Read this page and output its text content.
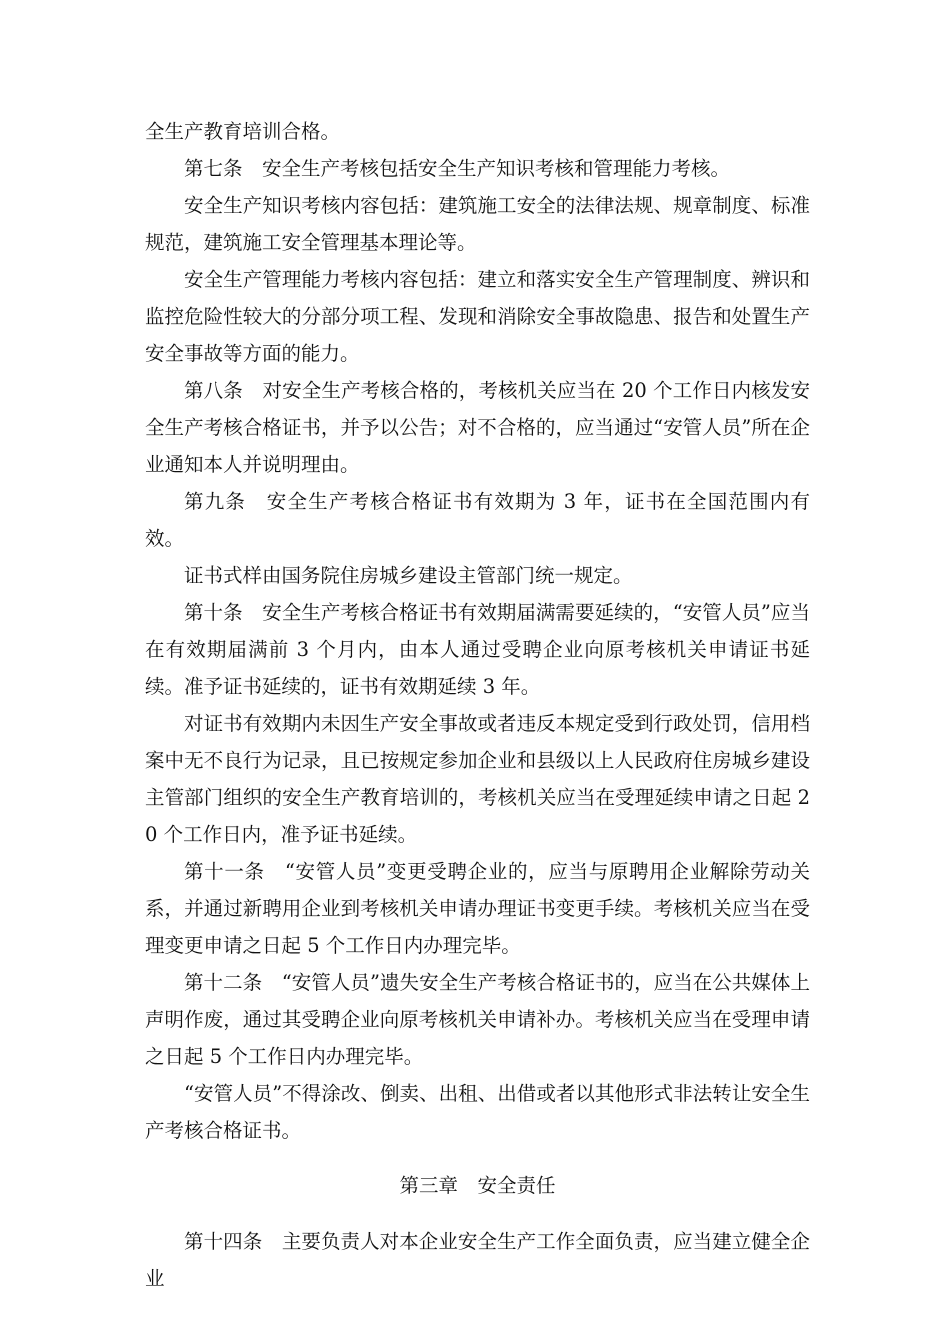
全生产教育培训合格。

第七条　安全生产考核包括安全生产知识考核和管理能力考核。

安全生产知识考核内容包括：建筑施工安全的法律法规、规章制度、标准规范，建筑施工安全管理基本理论等。

安全生产管理能力考核内容包括：建立和落实安全生产管理制度、辨识和监控危险性较大的分部分项工程、发现和消除安全事故隐患、报告和处置生产安全事故等方面的能力。

第八条　对安全生产考核合格的，考核机关应当在 20 个工作日内核发安全生产考核合格证书，并予以公告；对不合格的，应当通过“安管人员”所在企业通知本人并说明理由。

第九条　安全生产考核合格证书有效期为 3 年，证书在全国范围内有效。

证书式样由国务院住房城乡建设主管部门统一规定。

第十条　安全生产考核合格证书有效期届满需要延续的，“安管人员”应当在有效期届满前 3 个月内，由本人通过受聘企业向原考核机关申请证书延续。准予证书延续的，证书有效期延续 3 年。

对证书有效期内未因生产安全事故或者违反本规定受到行政处罚，信用档案中无不良行为记录，且已按规定参加企业和县级以上人民政府住房城乡建设主管部门组织的安全生产教育培训的，考核机关应当在受理延续申请之日起 20 个工作日内，准予证书延续。

第十一条　“安管人员”变更受聘企业的，应当与原聘用企业解除劳动关系，并通过新聘用企业到考核机关申请办理证书变更手续。考核机关应当在受理变更申请之日起 5 个工作日内办理完毕。

第十二条　“安管人员”遗失安全生产考核合格证书的，应当在公共媒体上声明作废，通过其受聘企业向原考核机关申请补办。考核机关应当在受理申请之日起 5 个工作日内办理完毕。

“安管人员”不得涂改、倒卖、出租、出借或者以其他形式非法转让安全生产考核合格证书。

第三章　安全责任

第十四条　主要负责人对本企业安全生产工作全面负责，应当建立健全企业
